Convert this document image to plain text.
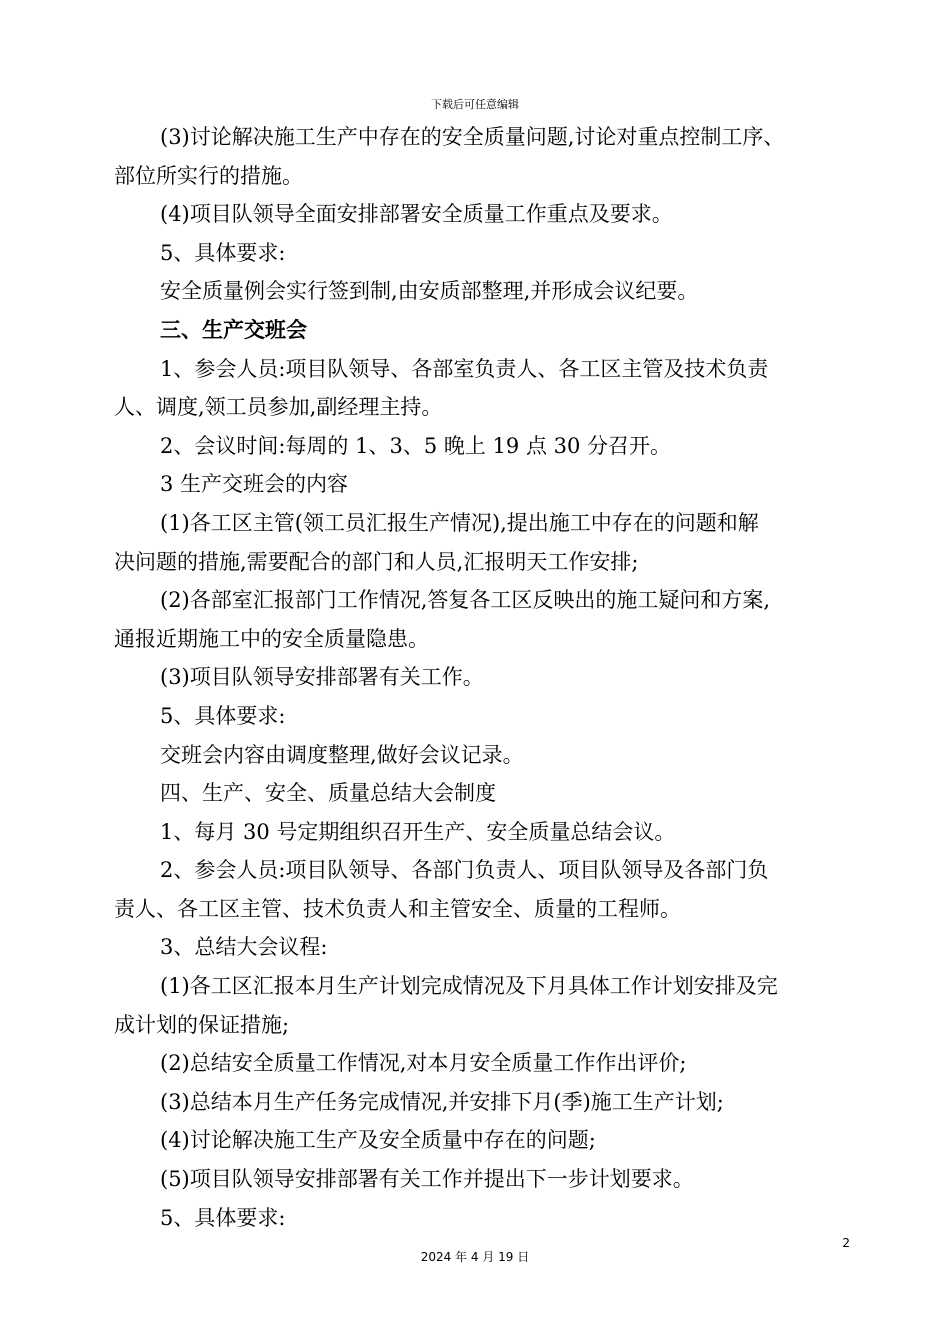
下载后可任意编辑
(3)讨论解决施工生产中存在的安全质量问题,讨论对重点控制工序、
部位所实行的措施。
(4)项目队领导全面安排部署安全质量工作重点及要求。
5、具体要求:
安全质量例会实行签到制,由安质部整理,并形成会议纪要。
三、生产交班会
1、参会人员:项目队领导、各部室负责人、各工区主管及技术负责
人、调度,领工员参加,副经理主持。
2、会议时间:每周的 1、3、5 晚上 19 点 30 分召开。
3 生产交班会的内容
(1)各工区主管(领工员汇报生产情况),提出施工中存在的问题和解
决问题的措施,需要配合的部门和人员,汇报明天工作安排;
(2)各部室汇报部门工作情况,答复各工区反映出的施工疑问和方案,
通报近期施工中的安全质量隐患。
(3)项目队领导安排部署有关工作。
5、具体要求:
交班会内容由调度整理,做好会议记录。
四、生产、安全、质量总结大会制度
1、每月 30 号定期组织召开生产、安全质量总结会议。
2、参会人员:项目队领导、各部门负责人、项目队领导及各部门负
责人、各工区主管、技术负责人和主管安全、质量的工程师。
3、总结大会议程:
(1)各工区汇报本月生产计划完成情况及下月具体工作计划安排及完
成计划的保证措施;
(2)总结安全质量工作情况,对本月安全质量工作作出评价;
(3)总结本月生产任务完成情况,并安排下月(季)施工生产计划;
(4)讨论解决施工生产及安全质量中存在的问题;
(5)项目队领导安排部署有关工作并提出下一步计划要求。
5、具体要求:
2
2024 年 4 月 19 日
